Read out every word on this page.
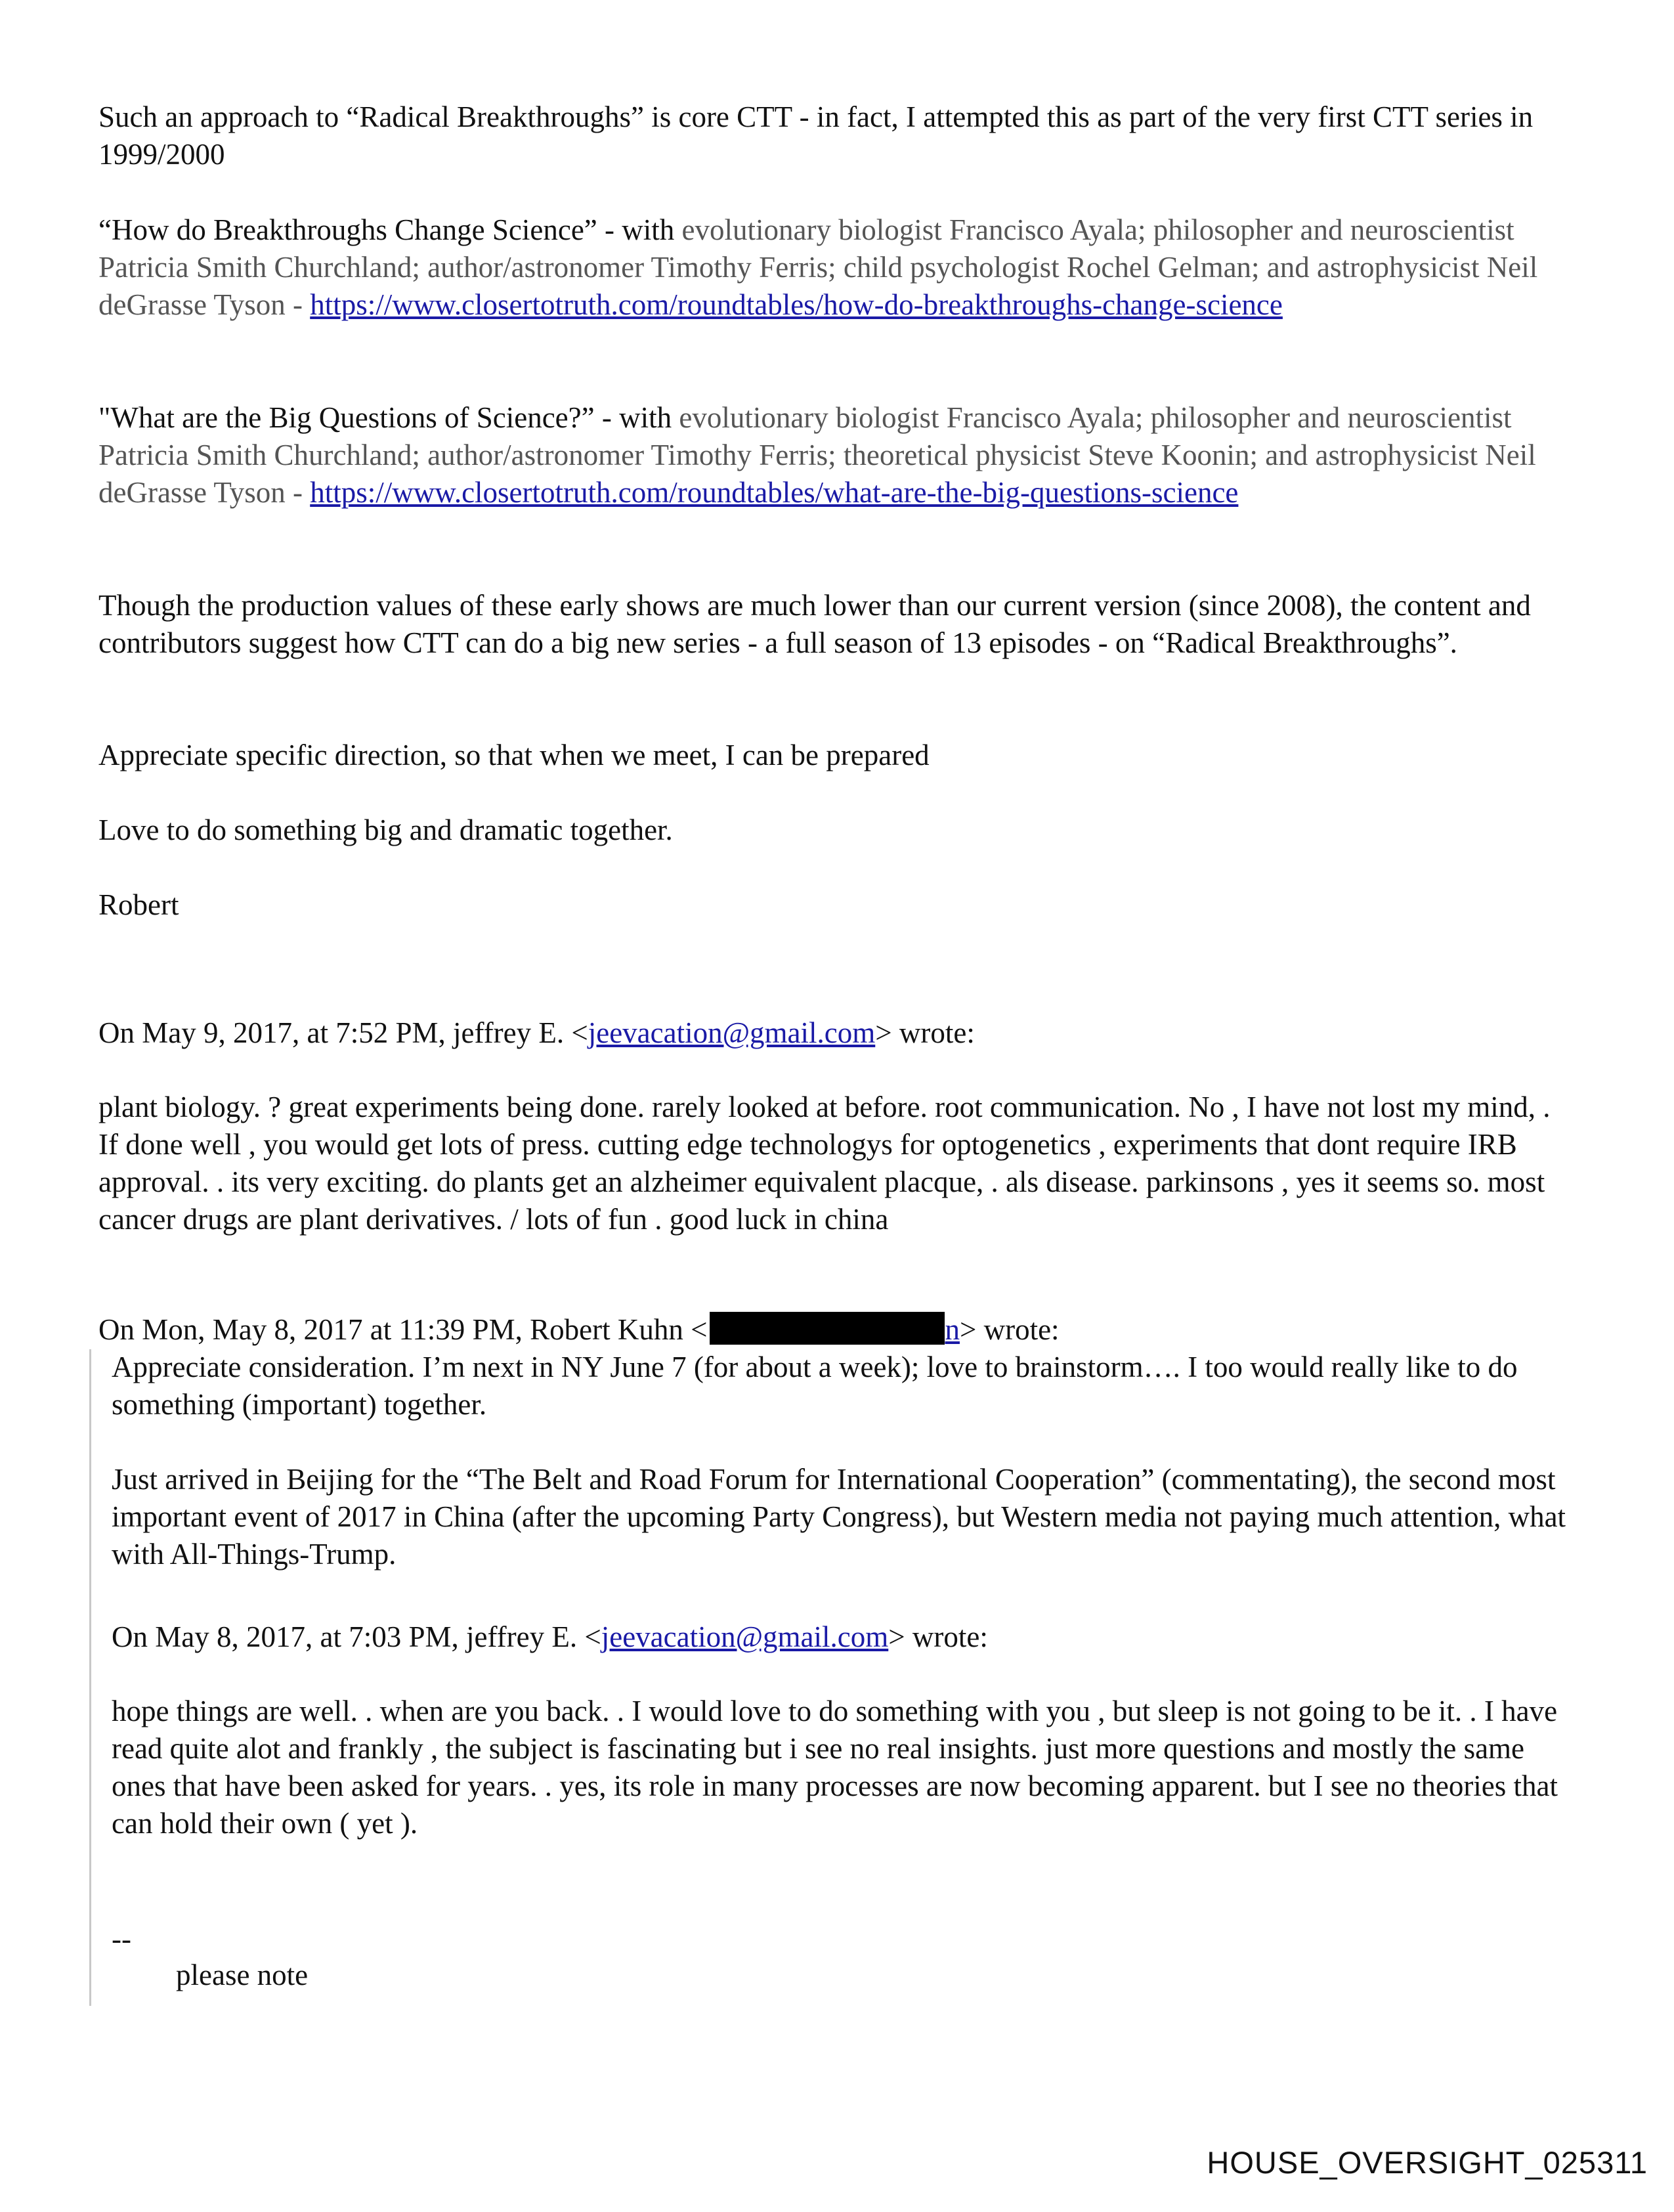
Such an approach to “Radical Breakthroughs” is core CTT - in fact, I attempted this as part of the very first CTT series in 1999/2000

“How do Breakthroughs Change Science” - with evolutionary biologist Francisco Ayala; philosopher and neuroscientist Patricia Smith Churchland; author/astronomer Timothy Ferris; child psychologist Rochel Gelman; and astrophysicist Neil deGrasse Tyson - https://www.closertotruth.com/roundtables/how-do-breakthroughs-change-science

"What are the Big Questions of Science?” - with evolutionary biologist Francisco Ayala; philosopher and neuroscientist Patricia Smith Churchland; author/astronomer Timothy Ferris; theoretical physicist Steve Koonin; and astrophysicist Neil deGrasse Tyson - https://www.closertotruth.com/roundtables/what-are-the-big-questions-science

Though the production values of these early shows are much lower than our current version (since 2008), the content and contributors suggest how CTT can do a big new series - a full season of 13 episodes - on “Radical Breakthroughs”.

Appreciate specific direction, so that when we meet, I can be prepared

Love to do something big and dramatic together.

Robert

On May 9, 2017, at 7:52 PM, jeffrey E. <jeevacation@gmail.com> wrote:

plant biology. ? great experiments being done. rarely looked at before. root communication. No , I have not lost my mind, . If done well , you would get lots of press. cutting edge technologys for optogenetics , experiments that dont require IRB approval. . its very exciting. do plants get an alzheimer equivalent placque, . als disease. parkinsons , yes it seems so. most cancer drugs are plant derivatives. / lots of fun . good luck in china

On Mon, May 8, 2017 at 11:39 PM, Robert Kuhn <	n> wrote:

Appreciate consideration. I’m next in NY June 7 (for about a week); love to brainstorm…. I too would really like to do something (important) together.

Just arrived in Beijing for the “The Belt and Road Forum for International Cooperation” (commentating), the second most important event of 2017 in China (after the upcoming Party Congress), but Western media not paying much attention, what with All-Things-Trump.

On May 8, 2017, at 7:03 PM, jeffrey E. <jeevacation@gmail.com> wrote:

hope things are well. . when are you back. . I would love to do something with you , but sleep is not going to be it. . I have read quite alot and frankly , the subject is fascinating but i see no real insights. just more questions and mostly the same ones that have been asked for years. . yes, its role in many processes are now becoming apparent. but I see no theories that can hold their own ( yet ).

--

please note

HOUSE_OVERSIGHT_025311
